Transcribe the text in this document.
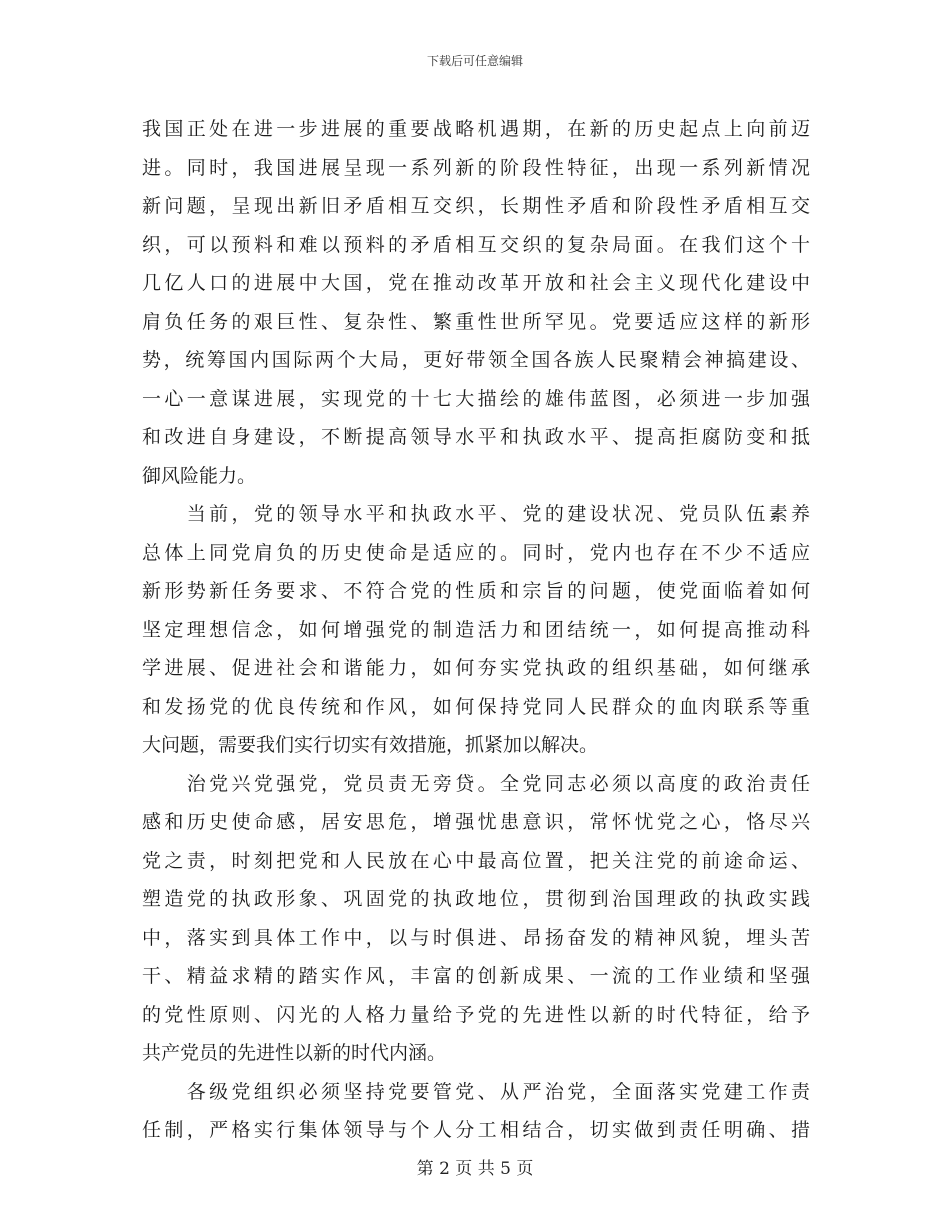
下载后可任意编辑
我国正处在进一步进展的重要战略机遇期，在新的历史起点上向前迈
进。同时，我国进展呈现一系列新的阶段性特征，出现一系列新情况
新问题，呈现出新旧矛盾相互交织，长期性矛盾和阶段性矛盾相互交
织，可以预料和难以预料的矛盾相互交织的复杂局面。在我们这个十
几亿人口的进展中大国，党在推动改革开放和社会主义现代化建设中
肩负任务的艰巨性、复杂性、繁重性世所罕见。党要适应这样的新形
势，统筹国内国际两个大局，更好带领全国各族人民聚精会神搞建设、
一心一意谋进展，实现党的十七大描绘的雄伟蓝图，必须进一步加强
和改进自身建设，不断提高领导水平和执政水平、提高拒腐防变和抵
御风险能力。
　　当前，党的领导水平和执政水平、党的建设状况、党员队伍素养
总体上同党肩负的历史使命是适应的。同时，党内也存在不少不适应
新形势新任务要求、不符合党的性质和宗旨的问题，使党面临着如何
坚定理想信念，如何增强党的制造活力和团结统一，如何提高推动科
学进展、促进社会和谐能力，如何夯实党执政的组织基础，如何继承
和发扬党的优良传统和作风，如何保持党同人民群众的血肉联系等重
大问题，需要我们实行切实有效措施，抓紧加以解决。
　　治党兴党强党，党员责无旁贷。全党同志必须以高度的政治责任
感和历史使命感，居安思危，增强忧患意识，常怀忧党之心，恪尽兴
党之责，时刻把党和人民放在心中最高位置，把关注党的前途命运、
塑造党的执政形象、巩固党的执政地位，贯彻到治国理政的执政实践
中，落实到具体工作中，以与时俱进、昂扬奋发的精神风貌，埋头苦
干、精益求精的踏实作风，丰富的创新成果、一流的工作业绩和坚强
的党性原则、闪光的人格力量给予党的先进性以新的时代特征，给予
共产党员的先进性以新的时代内涵。
　　各级党组织必须坚持党要管党、从严治党，全面落实党建工作责
任制，严格实行集体领导与个人分工相结合，切实做到责任明确、措
第 2 页 共 5 页
